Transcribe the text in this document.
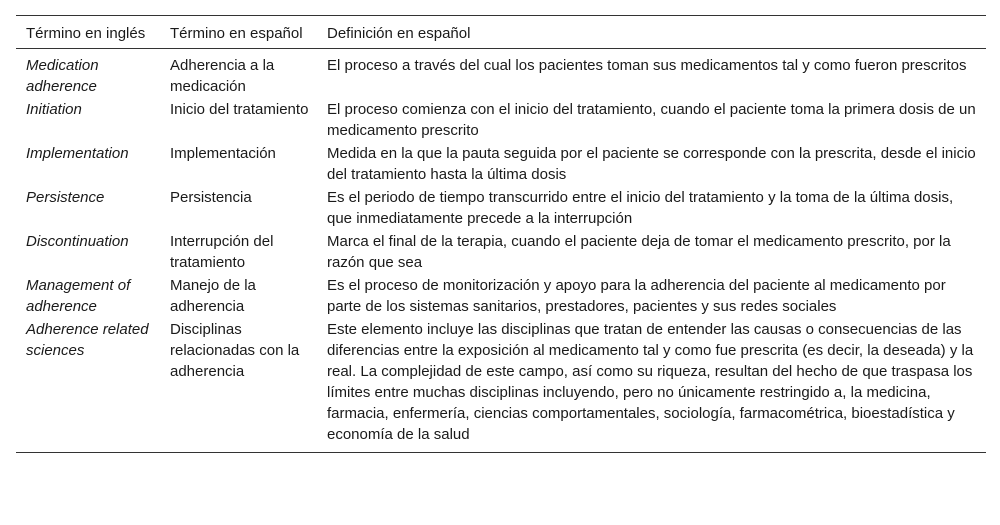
Término en inglés	Término en español	Definición en español
Medication adherence	Adherencia a la medicación	El proceso a través del cual los pacientes toman sus medicamentos tal y como fueron prescritos
Initiation	Inicio del tratamiento	El proceso comienza con el inicio del tratamiento, cuando el paciente toma la primera dosis de un medicamento prescrito
Implementation	Implementación	Medida en la que la pauta seguida por el paciente se corresponde con la prescrita, desde el inicio del tratamiento hasta la última dosis
Persistence	Persistencia	Es el periodo de tiempo transcurrido entre el inicio del tratamiento y la toma de la última dosis, que inmediatamente precede a la interrupción
Discontinuation	Interrupción del tratamiento	Marca el final de la terapia, cuando el paciente deja de tomar el medicamento prescrito, por la razón que sea
Management of adherence	Manejo de la adherencia	Es el proceso de monitorización y apoyo para la adherencia del paciente al medicamento por parte de los sistemas sanitarios, prestadores, pacientes y sus redes sociales
Adherence related sciences	Disciplinas relacionadas con la adherencia	Este elemento incluye las disciplinas que tratan de entender las causas o consecuencias de las diferencias entre la exposición al medicamento tal y como fue prescrita (es decir, la deseada) y la real. La complejidad de este campo, así como su riqueza, resultan del hecho de que traspasa los límites entre muchas disciplinas incluyendo, pero no únicamente restringido a, la medicina, farmacia, enfermería, ciencias comportamentales, sociología, farmacométrica, bioestadística y economía de la salud
